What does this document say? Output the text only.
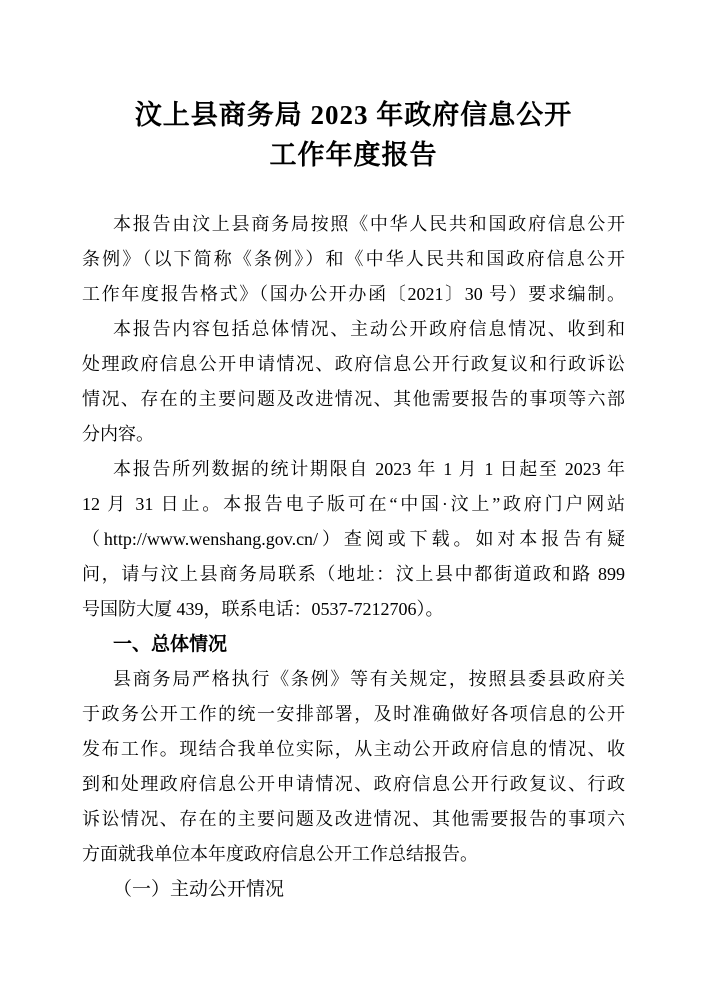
汶上县商务局 2023 年政府信息公开
工作年度报告
本报告由汶上县商务局按照《中华人民共和国政府信息公开
条例》（以下简称《条例》）和《中华人民共和国政府信息公开
工作年度报告格式》（国办公开办函〔2021〕30 号）要求编制。
本报告内容包括总体情况、主动公开政府信息情况、收到和
处理政府信息公开申请情况、政府信息公开行政复议和行政诉讼
情况、存在的主要问题及改进情况、其他需要报告的事项等六部
分内容。
本报告所列数据的统计期限自 2023 年 1 月 1 日起至 2023 年
12 月 31 日止。本报告电子版可在“中国·汶上”政府门户网站
（http://www.wenshang.gov.cn/）查阅或下载。如对本报告有疑
问，请与汶上县商务局联系（地址：汶上县中都街道政和路 899
号国防大厦 439，联系电话：0537-7212706）。
一、总体情况
县商务局严格执行《条例》等有关规定，按照县委县政府关
于政务公开工作的统一安排部署，及时准确做好各项信息的公开
发布工作。现结合我单位实际，从主动公开政府信息的情况、收
到和处理政府信息公开申请情况、政府信息公开行政复议、行政
诉讼情况、存在的主要问题及改进情况、其他需要报告的事项六
方面就我单位本年度政府信息公开工作总结报告。
（一）主动公开情况
